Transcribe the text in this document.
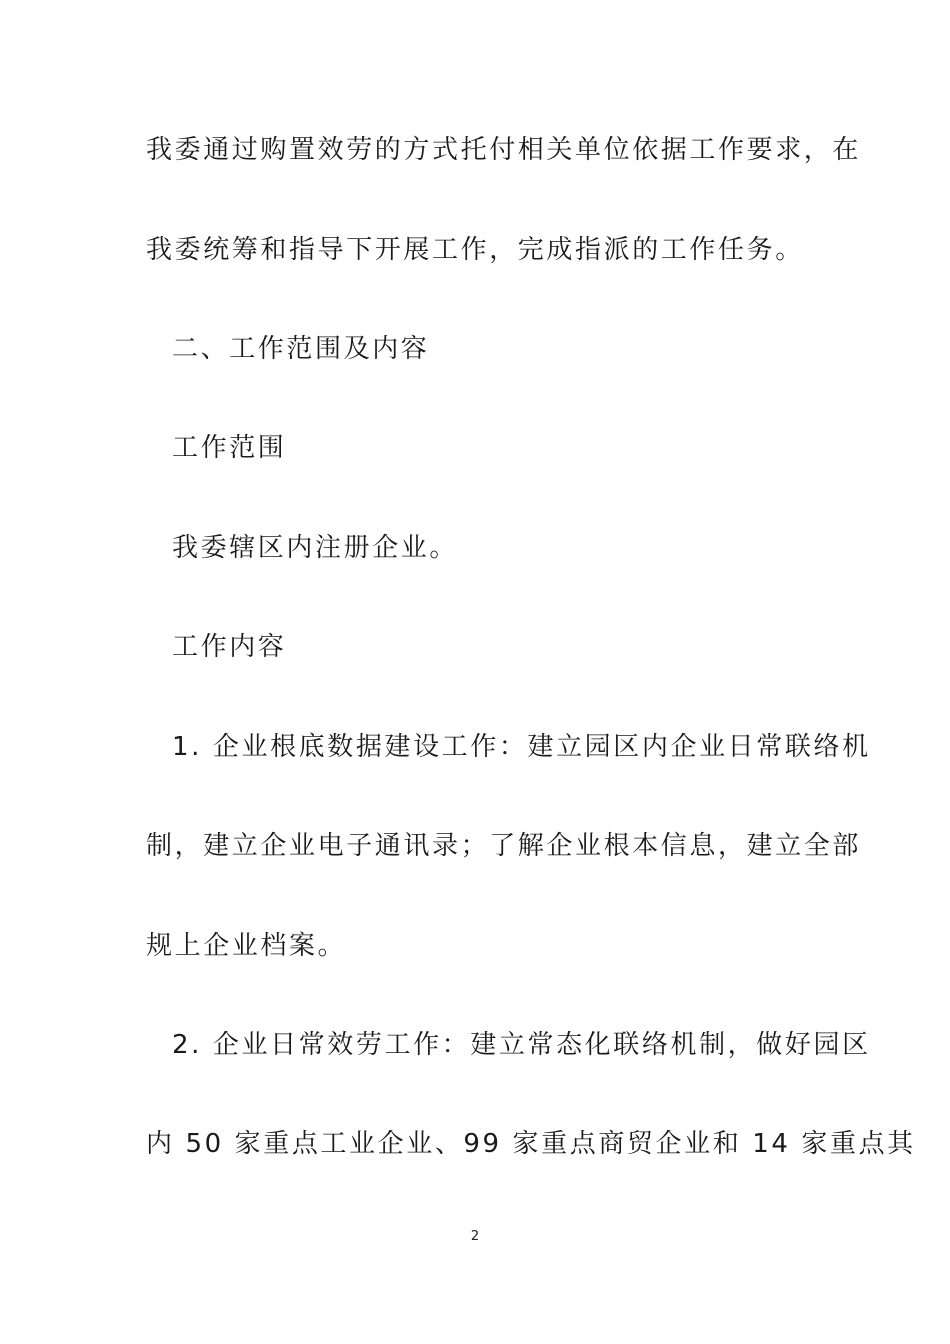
我委通过购置效劳的方式托付相关单位依据工作要求，在
我委统筹和指导下开展工作，完成指派的工作任务。
二、工作范围及内容
工作范围
我委辖区内注册企业。
工作内容
1. 企业根底数据建设工作：建立园区内企业日常联络机
制，建立企业电子通讯录；了解企业根本信息，建立全部
规上企业档案。
2. 企业日常效劳工作：建立常态化联络机制，做好园区
内 50 家重点工业企业、99 家重点商贸企业和 14 家重点其
2
